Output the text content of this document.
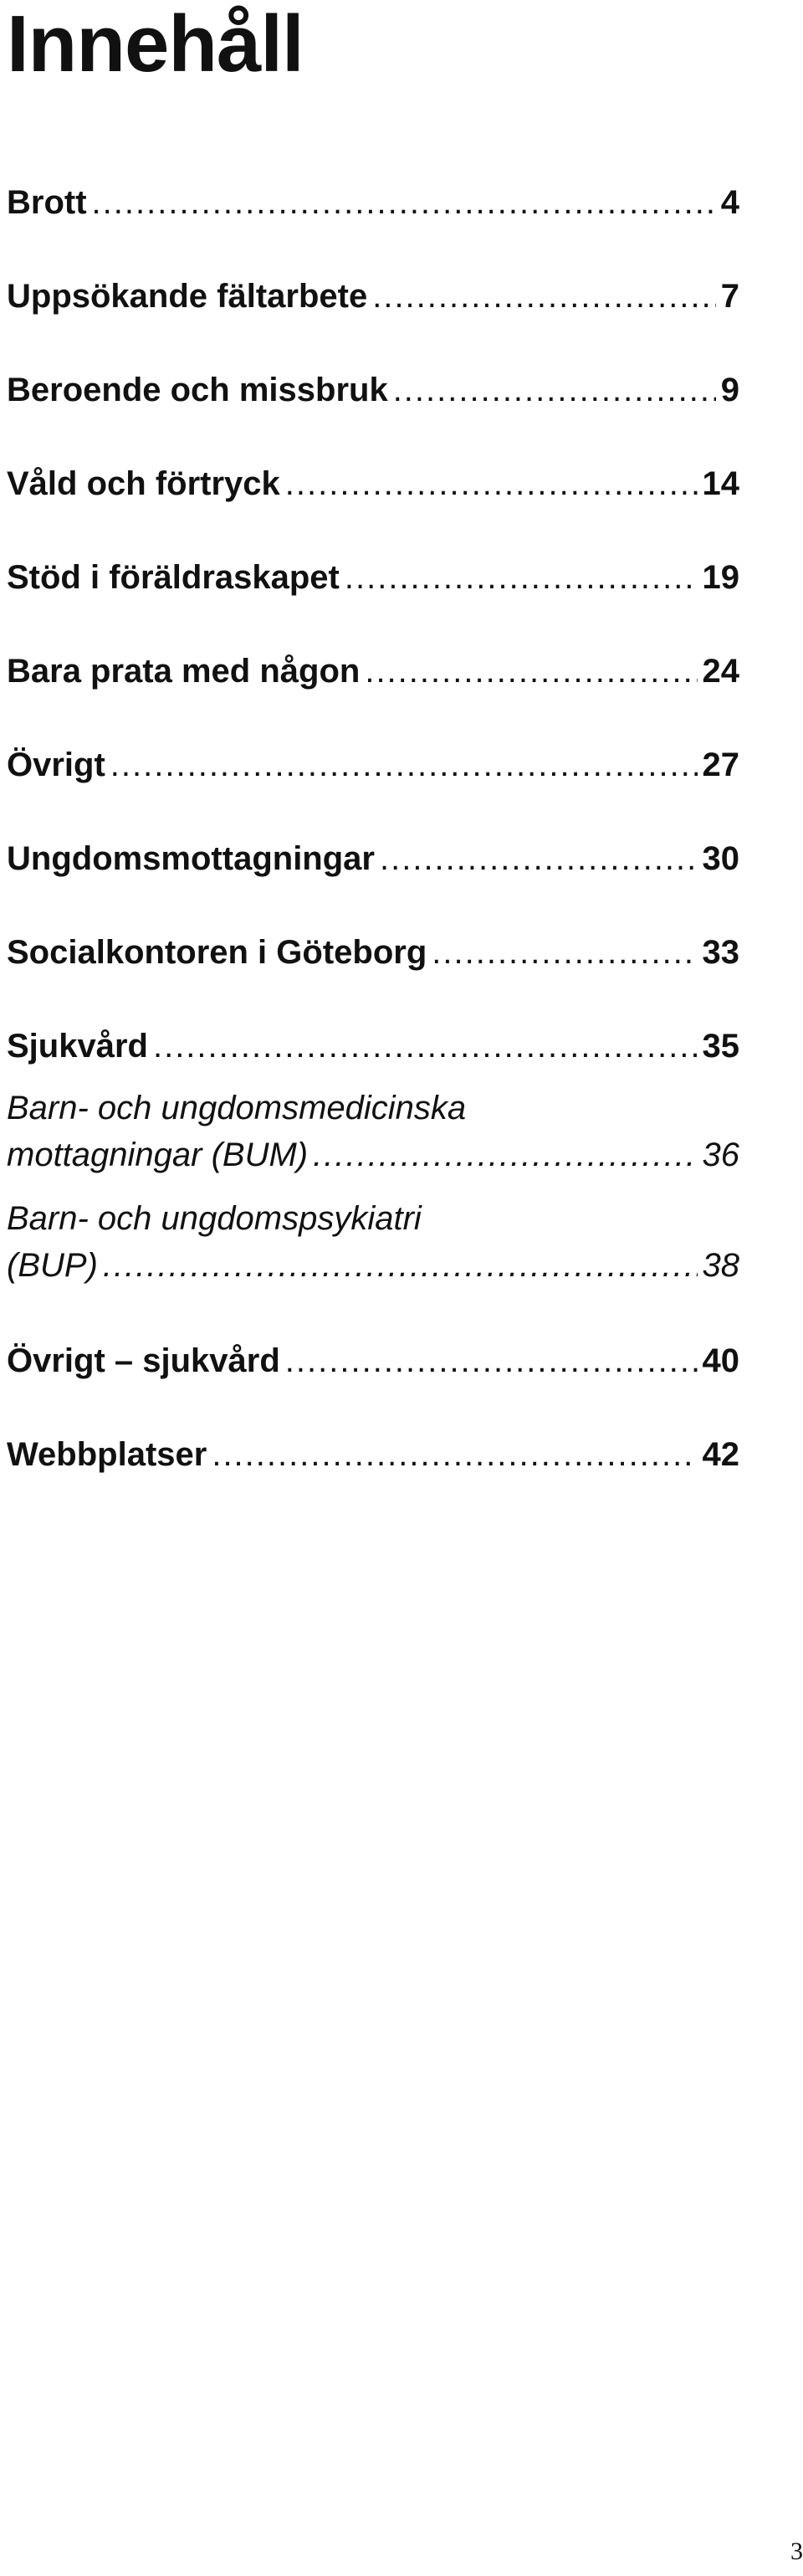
Innehåll
Brott .....	4
Uppsökande fältarbete .....	7
Beroende och missbruk .....	9
Våld och förtryck .....	14
Stöd i föräldraskapet .....	19
Bara prata med någon .....	24
Övrigt .....	27
Ungdomsmottagningar .....	30
Socialkontoren i Göteborg .....	33
Sjukvård .....	35
Barn- och ungdomsmedicinska
mottagningar (BUM) .....	36
Barn- och ungdomspsykiatri
(BUP) .....	38
Övrigt – sjukvård .....	40
Webbplatser .....	42
3
